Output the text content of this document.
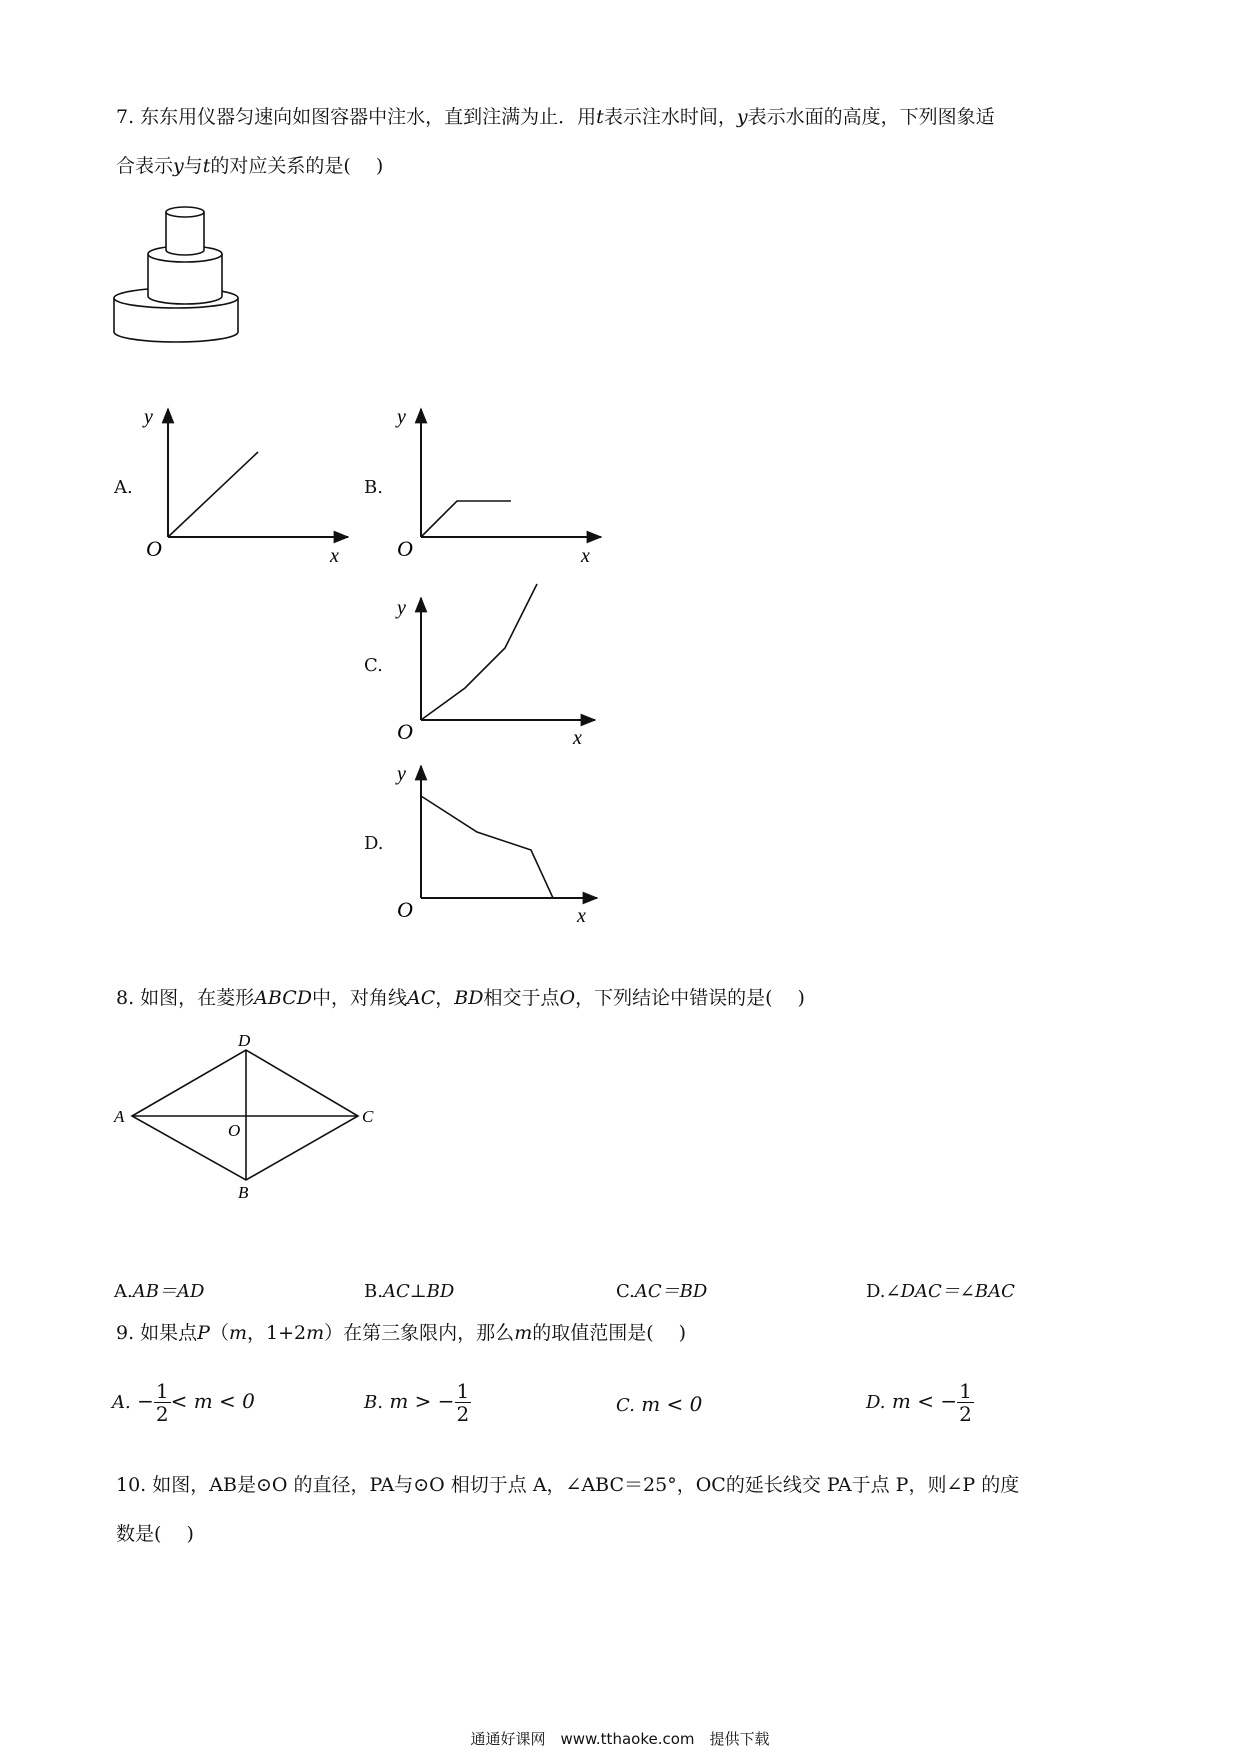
7. 东东用仪器匀速向如图容器中注水，直到注满为止．用t表示注水时间，y表示水面的高度，下列图象适
合表示y与t的对应关系的是(　 )
A.
y
O	x
B.
y
O	x
C.
y
O	x
D.
y
O	x
8. 如图，在菱形ABCD中，对角线AC，BD相交于点O，下列结论中错误的是(　 )
D
A	C
B
O
A.AB＝AD	B.AC⊥BD	C.AC＝BD	D.∠DAC＝∠BAC
9. 如果点P（m，1+2m）在第三象限内，那么m的取值范围是(　 )
A. − $\frac{1}{2} < m < 0$	B. m > − $\frac{1}{2}$	C. m < 0	D. m < − $\frac{1}{2}$
10. 如图，AB是⊙O 的直径，PA与⊙O 相切于点 A，∠ABC＝25°，OC的延长线交 PA于点 P，则∠P 的度
数是(　 )
通通好课网　www.tthaoke.com　提供下载
